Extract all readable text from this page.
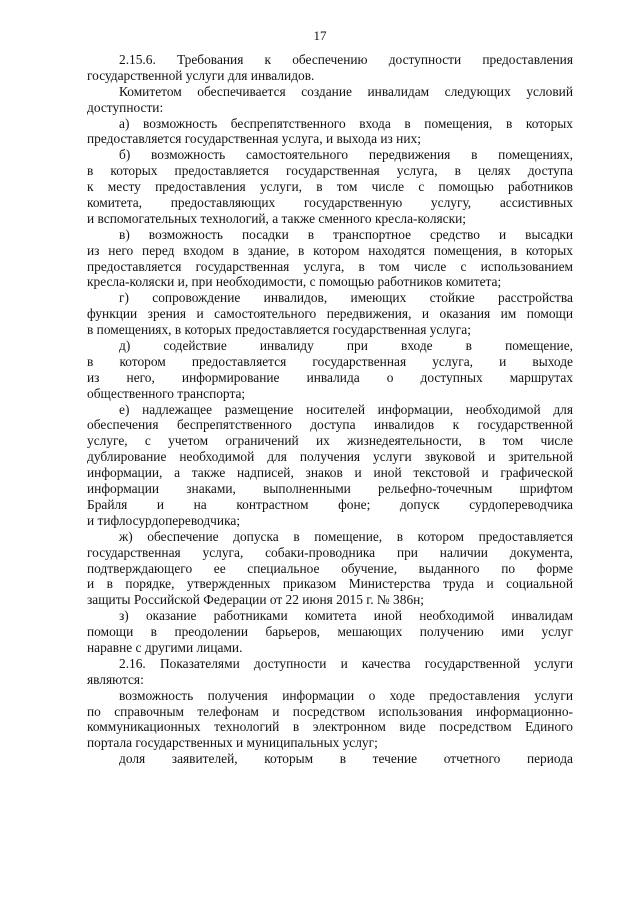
17
2.15.6. Требования к обеспечению доступности предоставления
государственной услуги для инвалидов.
Комитетом обеспечивается создание инвалидам следующих условий
доступности:
а) возможность беспрепятственного входа в помещения, в которых
предоставляется государственная услуга, и выхода из них;
б) возможность самостоятельного передвижения в помещениях,
в которых предоставляется государственная услуга, в целях доступа
к месту предоставления услуги, в том числе с помощью работников
комитета, предоставляющих государственную услугу, ассистивных
и вспомогательных технологий, а также сменного кресла-коляски;
в) возможность посадки в транспортное средство и высадки
из него перед входом в здание, в котором находятся помещения, в которых
предоставляется государственная услуга, в том числе с использованием
кресла-коляски и, при необходимости, с помощью работников комитета;
г) сопровождение инвалидов, имеющих стойкие расстройства
функции зрения и самостоятельного передвижения, и оказания им помощи
в помещениях, в которых предоставляется государственная услуга;
д) содействие инвалиду при входе в помещение,
в котором предоставляется государственная услуга, и выходе
из него, информирование инвалида о доступных маршрутах
общественного транспорта;
е) надлежащее размещение носителей информации, необходимой для
обеспечения беспрепятственного доступа инвалидов к государственной
услуге, с учетом ограничений их жизнедеятельности, в том числе
дублирование необходимой для получения услуги звуковой и зрительной
информации, а также надписей, знаков и иной текстовой и графической
информации знаками, выполненными рельефно-точечным шрифтом
Брайля и на контрастном фоне; допуск сурдопереводчика
и тифлосурдопереводчика;
ж) обеспечение допуска в помещение, в котором предоставляется
государственная услуга, собаки-проводника при наличии документа,
подтверждающего ее специальное обучение, выданного по форме
и в порядке, утвержденных приказом Министерства труда и социальной
защиты Российской Федерации от 22 июня 2015 г. № 386н;
з) оказание работниками комитета иной необходимой инвалидам
помощи в преодолении барьеров, мешающих получению ими услуг
наравне с другими лицами.
2.16. Показателями доступности и качества государственной услуги
являются:
возможность получения информации о ходе предоставления услуги
по справочным телефонам и посредством использования информационно-
коммуникационных технологий в электронном виде посредством Единого
портала государственных и муниципальных услуг;
доля заявителей, которым в течение отчетного периода
